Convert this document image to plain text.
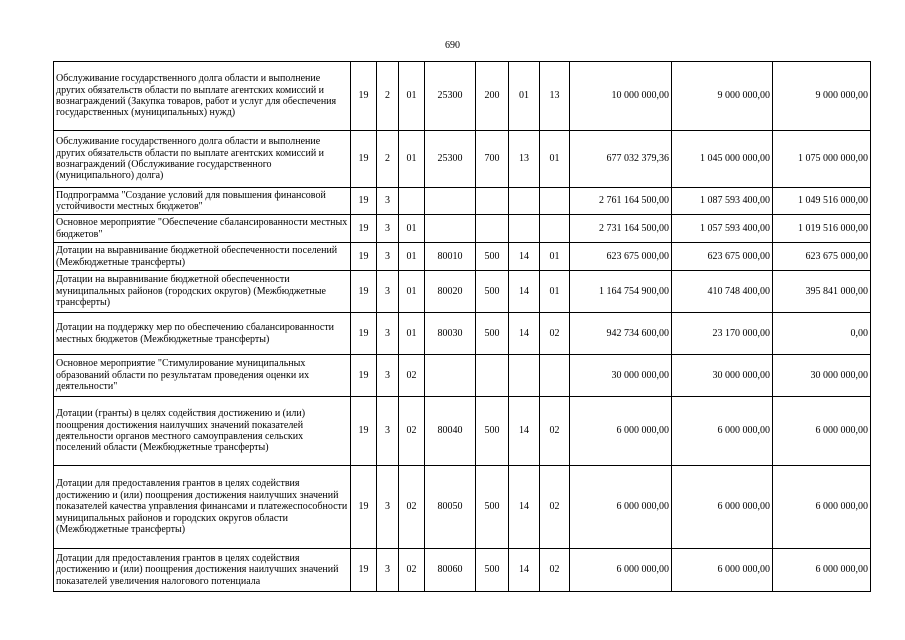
690
Обслуживание государственного долга области и выполнение других обязательств области по выплате агентских комиссий и вознаграждений (Закупка товаров, работ и услуг для обеспечения государственных (муниципальных) нужд)	19	2	01	25300	200	01	13	10 000 000,00	9 000 000,00	9 000 000,00
Обслуживание государственного долга области и выполнение других обязательств области по выплате агентских комиссий и вознаграждений (Обслуживание государственного (муниципального) долга)	19	2	01	25300	700	13	01	677 032 379,36	1 045 000 000,00	1 075 000 000,00
Подпрограмма "Создание условий для повышения финансовой устойчивости местных бюджетов"	19	3						2 761 164 500,00	1 087 593 400,00	1 049 516 000,00
Основное мероприятие "Обеспечение сбалансированности местных бюджетов"	19	3	01					2 731 164 500,00	1 057 593 400,00	1 019 516 000,00
Дотации на выравнивание бюджетной обеспеченности поселений (Межбюджетные трансферты)	19	3	01	80010	500	14	01	623 675 000,00	623 675 000,00	623 675 000,00
Дотации на выравнивание бюджетной обеспеченности муниципальных районов (городских округов) (Межбюджетные трансферты)	19	3	01	80020	500	14	01	1 164 754 900,00	410 748 400,00	395 841 000,00
Дотации на поддержку мер по обеспечению сбалансированности местных бюджетов (Межбюджетные трансферты)	19	3	01	80030	500	14	02	942 734 600,00	23 170 000,00	0,00
Основное мероприятие "Стимулирование муниципальных образований области по результатам проведения оценки их деятельности"	19	3	02					30 000 000,00	30 000 000,00	30 000 000,00
Дотации (гранты) в целях содействия достижению и (или) поощрения достижения наилучших значений показателей деятельности органов местного самоуправления сельских поселений области (Межбюджетные трансферты)	19	3	02	80040	500	14	02	6 000 000,00	6 000 000,00	6 000 000,00
Дотации для предоставления грантов в целях содействия достижению и (или) поощрения достижения наилучших значений показателей качества управления финансами и платежеспособности муниципальных районов и городских округов области (Межбюджетные трансферты)	19	3	02	80050	500	14	02	6 000 000,00	6 000 000,00	6 000 000,00
Дотации для предоставления грантов в целях содействия достижению и (или) поощрения достижения наилучших значений показателей увеличения налогового потенциала	19	3	02	80060	500	14	02	6 000 000,00	6 000 000,00	6 000 000,00
